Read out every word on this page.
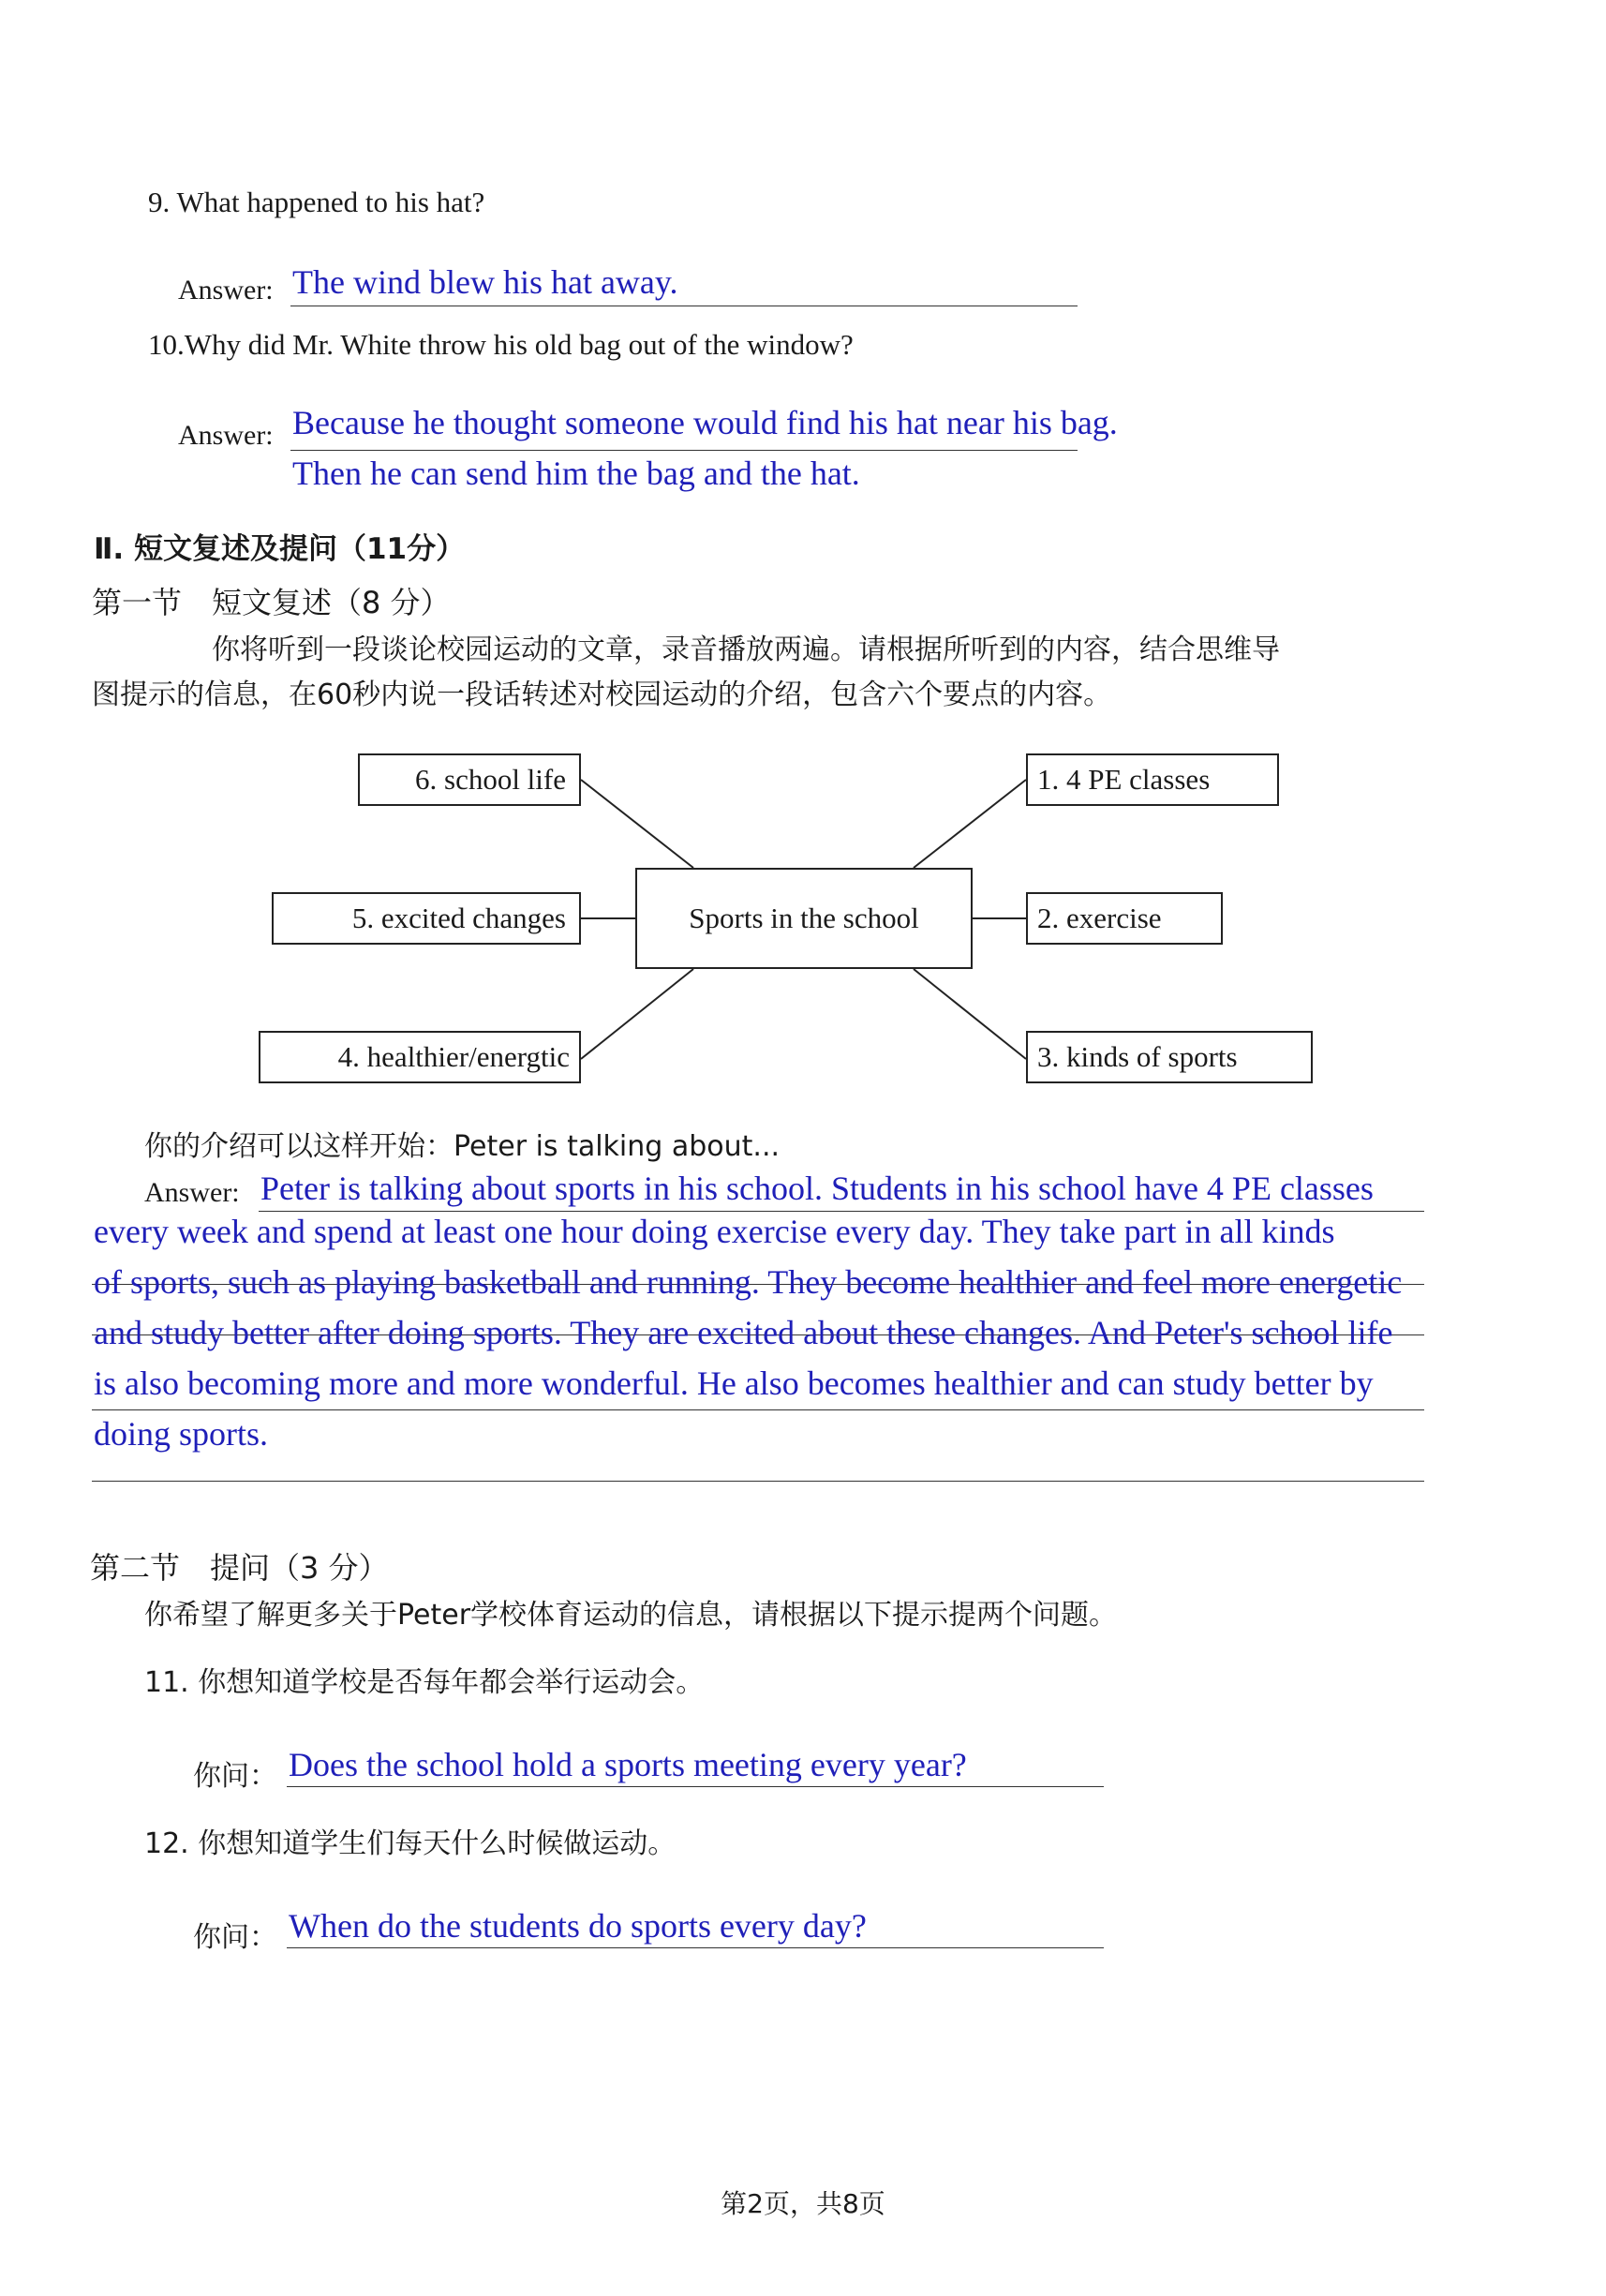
9. What happened to his hat?
Answer: The wind blew his hat away.
10.Why did Mr. White throw his old bag out of the window?
Answer: Because he thought someone would find his hat near his bag.
Then he can send him the bag and the hat.
Ⅱ. 短文复述及提问（11分）
第一节　短文复述（8 分）
你将听到一段谈论校园运动的文章，录音播放两遍。请根据所听到的内容，结合思维导
图提示的信息，在60秒内说一段话转述对校园运动的介绍，包含六个要点的内容。
Sports in the school
6. school life	1. 4 PE classes
5. excited changes	2. exercise
4. healthier/energtic	3. kinds of sports
你的介绍可以这样开始：Peter is talking about...
Answer: Peter is talking about sports in his school. Students in his school have 4 PE classes
every week and spend at least one hour doing exercise every day. They take part in all kinds
of sports, such as playing basketball and running. They become healthier and feel more energetic
and study better after doing sports. They are excited about these changes. And Peter's school life
is also becoming more and more wonderful. He also becomes healthier and can study better by
doing sports.
第二节　提问（3 分）
你希望了解更多关于Peter学校体育运动的信息，请根据以下提示提两个问题。
11. 你想知道学校是否每年都会举行运动会。
你问： Does the school hold a sports meeting every year?
12. 你想知道学生们每天什么时候做运动。
你问： When do the students do sports every day?
第2页，共8页
